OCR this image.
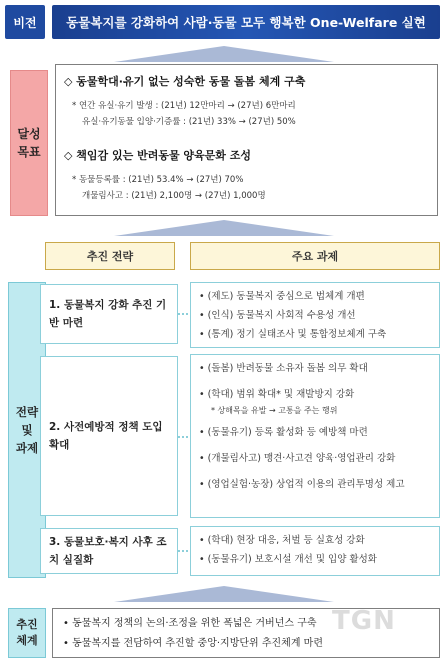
비전	동물복지를 강화하여 사람·동물 모두 행복한 One-Welfare 실현
달성 목표
◇ 동물학대·유기 없는 성숙한 동물 돌봄 체계 구축
* 연간 유실·유기 발생 : (21년) 12만마리 → (27년) 6만마리
유실·유기동물 입양·기증률 : (21년) 33% → (27년) 50%
◇ 책임감 있는 반려동물 양육문화 조성
* 동물등록률 : (21년) 53.4% → (27년) 70%
개물림사고 : (21년) 2,100명 → (27년) 1,000명
추진 전략	주요 과제
전략 및 과제
1. 동물복지 강화 추진 기반 마련
• (제도) 동물복지 중심으로 법체계 개편
• (인식) 동물복지 사회적 수용성 개선
• (통계) 정기 실태조사 및 통합정보체계 구축
2. 사전예방적 정책 도입 확대
• (돌봄) 반려동물 소유자 돌봄 의무 확대
• (학대) 범위 확대* 및 재발방지 강화
* 상해목을 유발 → 고통을 주는 행위
• (동물유기) 등록 활성화 등 예방책 마련
• (개물림사고) 맹견·사고견 양육·영업관리 강화
• (영업실험·농장) 상업적 이용의 관리투명성 제고
3. 동물보호·복지 사후 조치 실질화
• (학대) 현장 대응, 처벌 등 실효성 강화
• (동물유기) 보호시설 개선 및 입양 활성화
추진 체계
• 동물복지 정책의 논의·조정을 위한 폭넓은 거버넌스 구축
• 동물복지를 전담하여 추진할 중앙·지방단위 추진체계 마련
TGN
